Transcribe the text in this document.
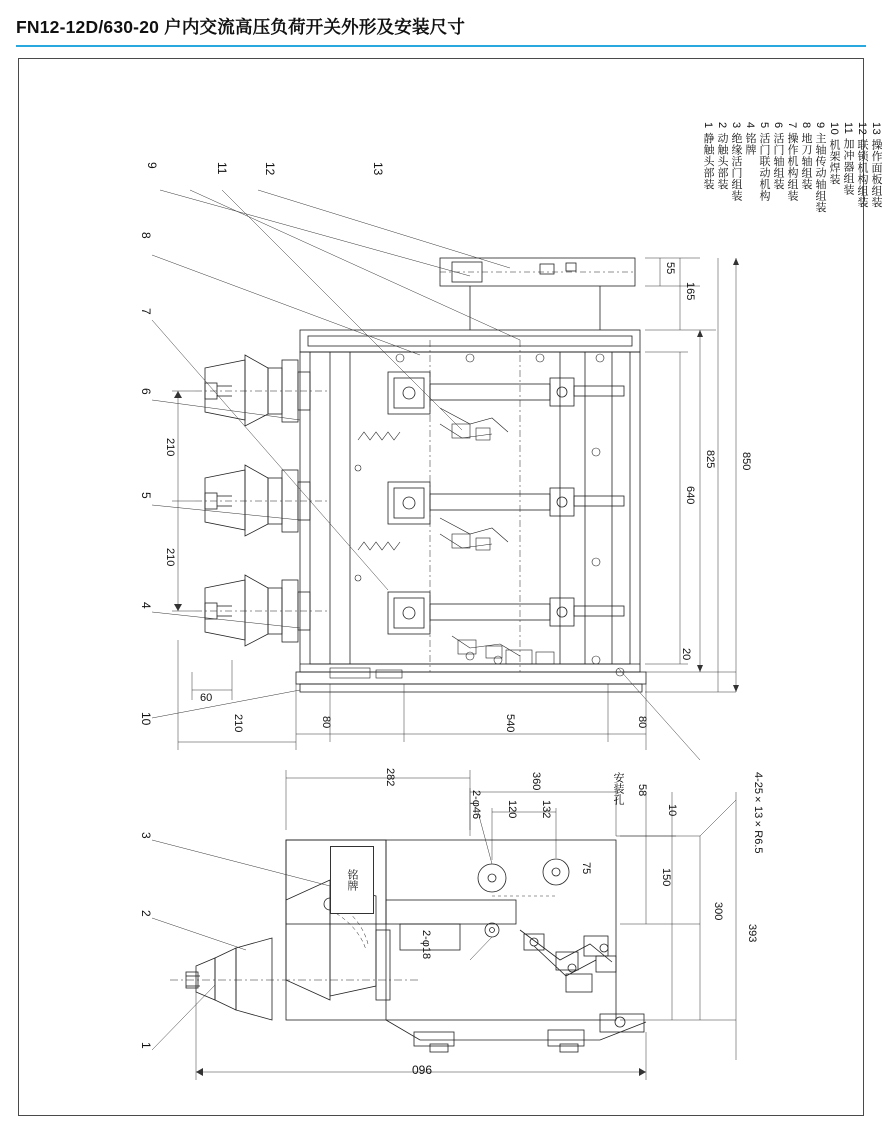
FN12-12D/630-20 户内交流高压负荷开关外形及安装尺寸
1 静触头部装
2 动触头部装
3 绝缘活门组装
4 铭牌
5 活门联动机构
6 活门轴组装
7 操作机构组装
8 地刀轴组装
9 主轴传动轴组装
10 机架焊装
11 加冲器组装
12 联锁机构组装
13 操作面板组装
9	11	12	13
8
7
6
5
4
10
3
2
1
55
165
825 850
640
20
210
210
60
210	80	540	80
282	360	58
120 132	10
75	150
300
393
096
2-φ46
2-φ18
4-25×13×R6.5
安装孔
铭牌
